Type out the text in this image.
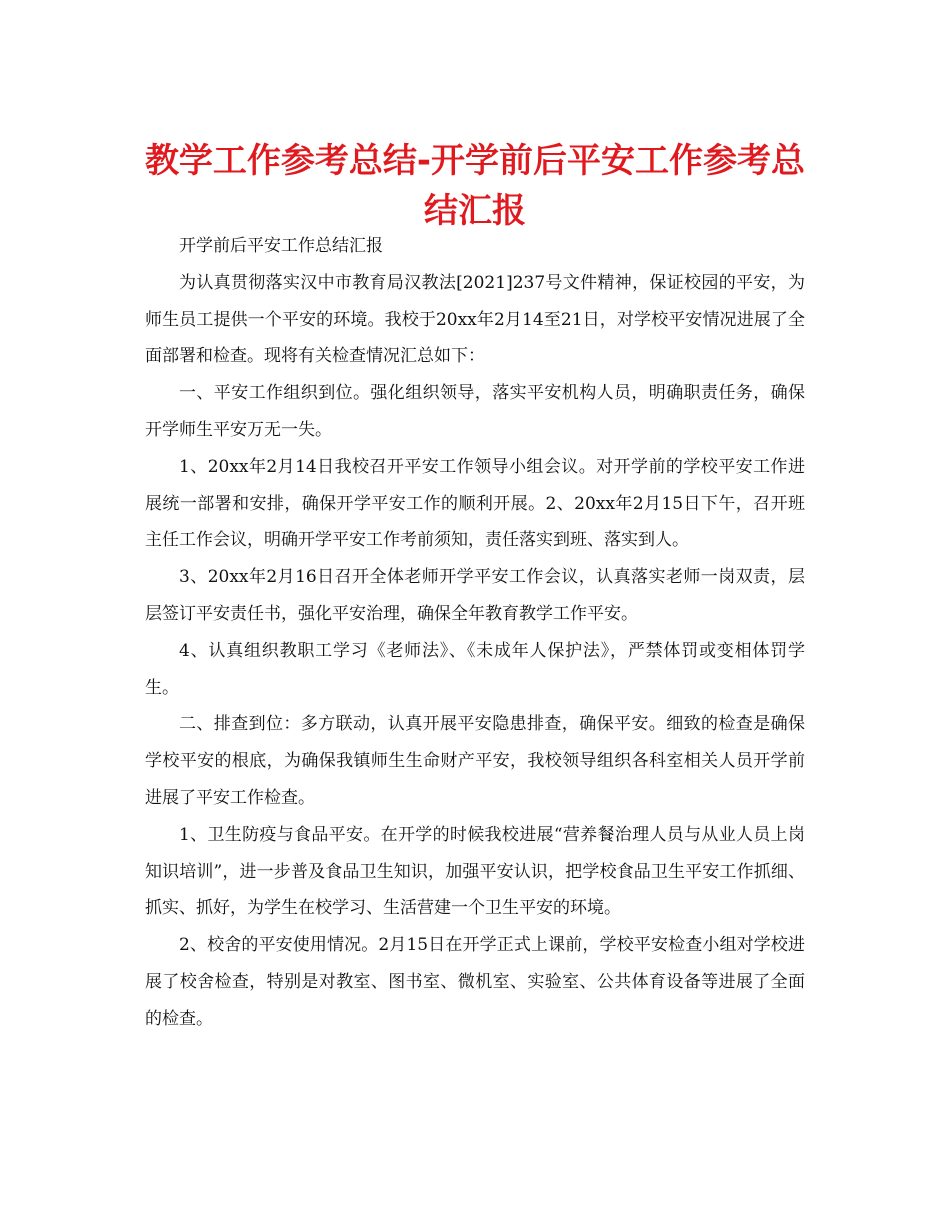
教学工作参考总结-开学前后平安工作参考总结汇报

开学前后平安工作总结汇报

为认真贯彻落实汉中市教育局汉教法[2021]237号文件精神，保证校园的平安，为师生员工提供一个平安的环境。我校于20xx年2月14至21日，对学校平安情况进展了全面部署和检查。现将有关检查情况汇总如下：

一、平安工作组织到位。强化组织领导，落实平安机构人员，明确职责任务，确保开学师生平安万无一失。

1、20xx年2月14日我校召开平安工作领导小组会议。对开学前的学校平安工作进展统一部署和安排，确保开学平安工作的顺利开展。2、20xx年2月15日下午，召开班主任工作会议，明确开学平安工作考前须知，责任落实到班、落实到人。

3、20xx年2月16日召开全体老师开学平安工作会议，认真落实老师一岗双责，层层签订平安责任书，强化平安治理，确保全年教育教学工作平安。

4、认真组织教职工学习《老师法》、《未成年人保护法》，严禁体罚或变相体罚学生。

二、排查到位：多方联动，认真开展平安隐患排查，确保平安。细致的检查是确保学校平安的根底，为确保我镇师生生命财产平安，我校领导组织各科室相关人员开学前进展了平安工作检查。

1、卫生防疫与食品平安。在开学的时候我校进展“营养餐治理人员与从业人员上岗知识培训”，进一步普及食品卫生知识，加强平安认识，把学校食品卫生平安工作抓细、抓实、抓好，为学生在校学习、生活营建一个卫生平安的环境。

2、校舍的平安使用情况。2月15日在开学正式上课前，学校平安检查小组对学校进展了校舍检查，特别是对教室、图书室、微机室、实验室、公共体育设备等进展了全面的检查。
